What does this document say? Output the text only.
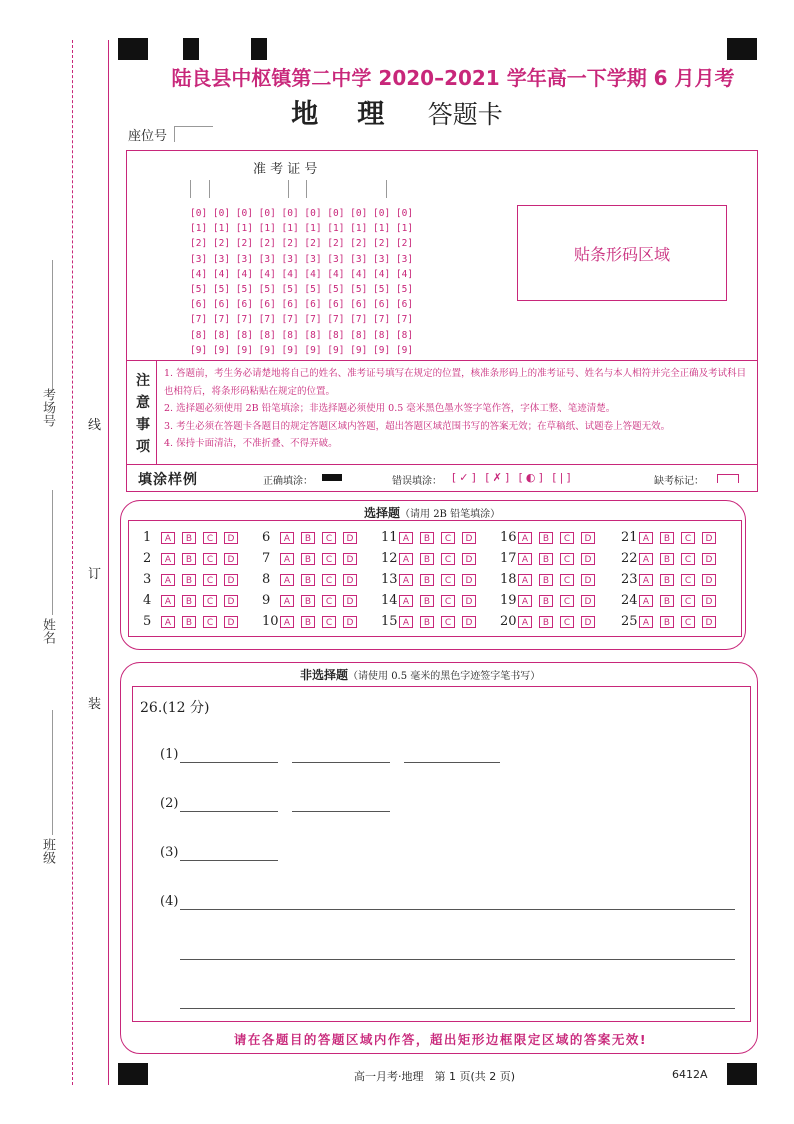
考场号
姓名
班级
线
订
装
陆良县中枢镇第二中学 2020–2021 学年高一下学期 6 月月考
地　理 答题卡
座位号
准 考 证 号
[0] [0] [0] [0] [0] [0] [0] [0] [0] [0]
[1] [1] [1] [1] [1] [1] [1] [1] [1] [1]
[2] [2] [2] [2] [2] [2] [2] [2] [2] [2]
[3] [3] [3] [3] [3] [3] [3] [3] [3] [3]
[4] [4] [4] [4] [4] [4] [4] [4] [4] [4]
[5] [5] [5] [5] [5] [5] [5] [5] [5] [5]
[6] [6] [6] [6] [6] [6] [6] [6] [6] [6]
[7] [7] [7] [7] [7] [7] [7] [7] [7] [7]
[8] [8] [8] [8] [8] [8] [8] [8] [8] [8]
[9] [9] [9] [9] [9] [9] [9] [9] [9] [9]
贴条形码区域
注
意
事
项
1. 答题前，考生务必请楚地将自己的姓名、准考证号填写在规定的位置，核准条形码上的准考证号、姓名与本人相符并完全正确及考试科目也相符后，将条形码粘贴在规定的位置。
2. 选择题必须使用 2B 铅笔填涂；非选择题必须使用 0.5 毫米黑色墨水签字笔作答，字体工整、笔迹清楚。
3. 考生必须在答题卡各题目的规定答题区域内答题，超出答题区域范围书写的答案无效；在草稿纸、试题卷上答题无效。
4. 保持卡面清洁，不准折叠、不得弄破。
填涂样例	正确填涂：	错误填涂： [✓] [✗] [◐] [|]	缺考标记：
选择题（请用 2B 铅笔填涂）
1 A B C D
2 A B C D
3 A B C D
4 A B C D
5 A B C D
6 A B C D
7 A B C D
8 A B C D
9 A B C D
10 A B C D
11 A B C D
12 A B C D
13 A B C D
14 A B C D
15 A B C D
16 A B C D
17 A B C D
18 A B C D
19 A B C D
20 A B C D
21 A B C D
22 A B C D
23 A B C D
24 A B C D
25 A B C D
非选择题（请使用 0.5 毫米的黑色字迹签字笔书写）
26.(12 分)
(1)
(2)
(3)
(4)
请在各题目的答题区域内作答，超出矩形边框限定区域的答案无效!
高一月考·地理　第 1 页(共 2 页)	6412A
